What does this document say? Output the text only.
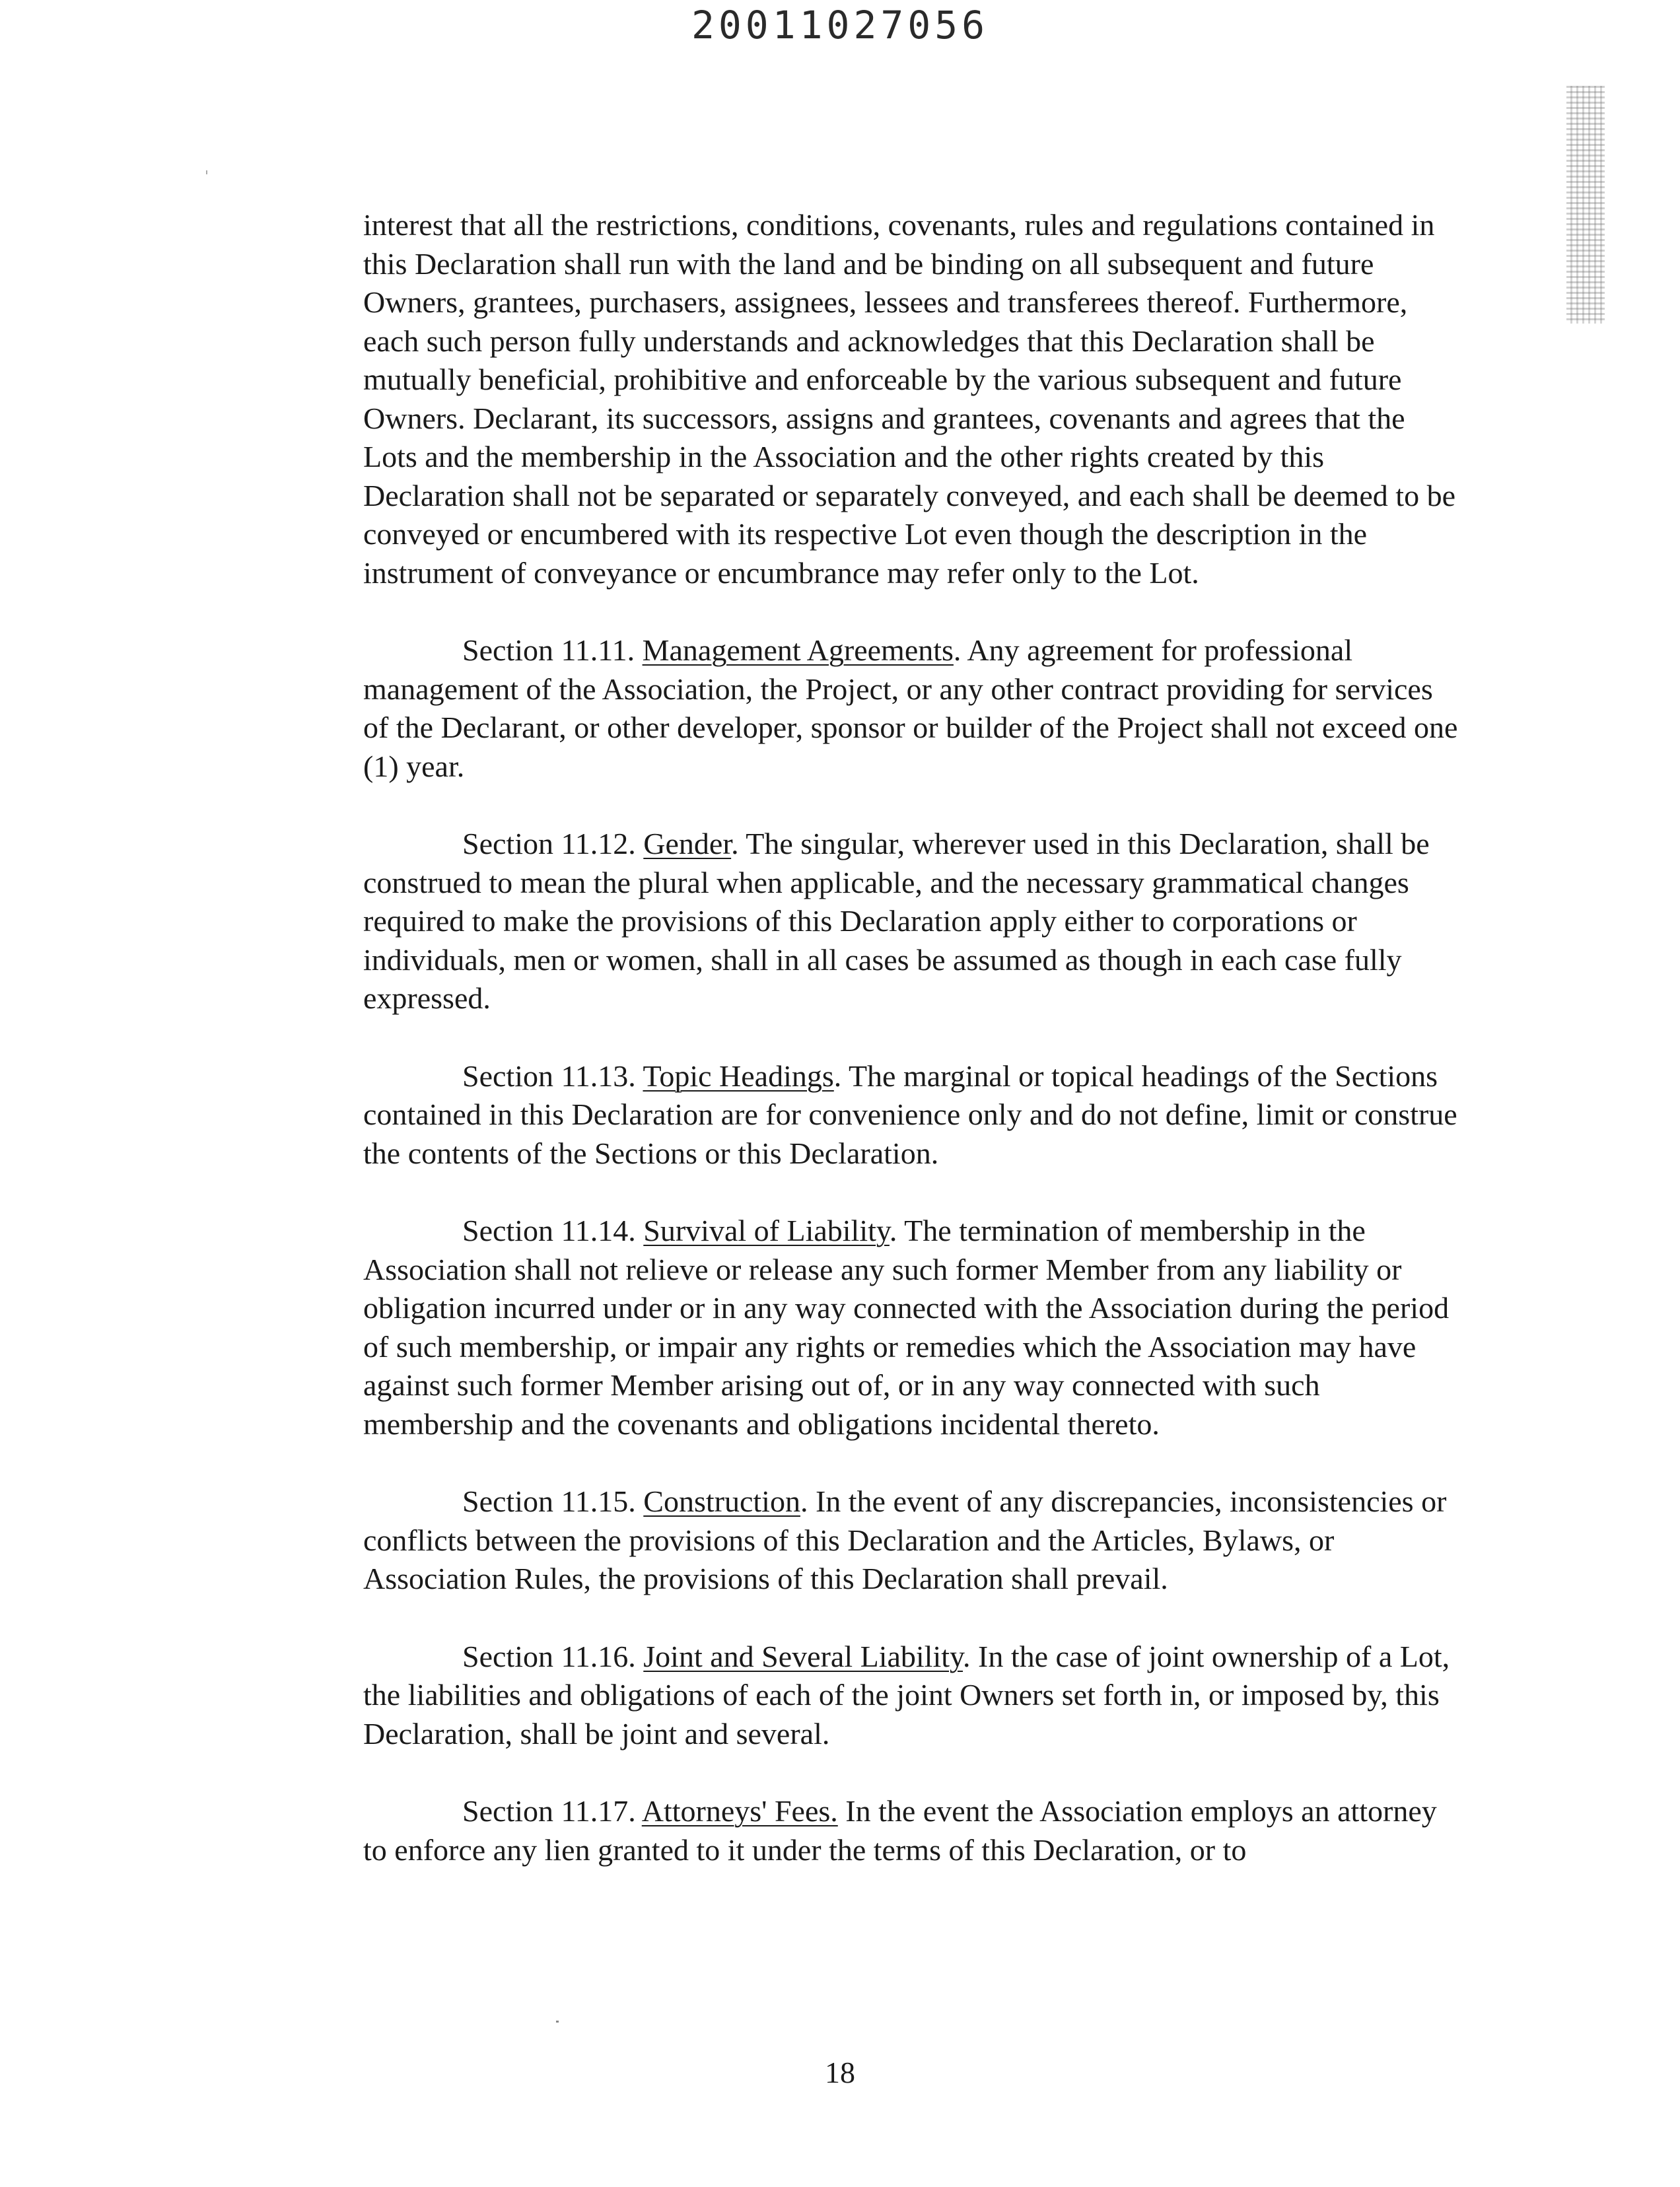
20011027056

interest that all the restrictions, conditions, covenants, rules and regulations contained in this Declaration shall run with the land and be binding on all subsequent and future Owners, grantees, purchasers, assignees, lessees and transferees thereof. Furthermore, each such person fully understands and acknowledges that this Declaration shall be mutually beneficial, prohibitive and enforceable by the various subsequent and future Owners. Declarant, its successors, assigns and grantees, covenants and agrees that the Lots and the membership in the Association and the other rights created by this Declaration shall not be separated or separately conveyed, and each shall be deemed to be conveyed or encumbered with its respective Lot even though the description in the instrument of conveyance or encumbrance may refer only to the Lot.

Section 11.11. Management Agreements. Any agreement for professional management of the Association, the Project, or any other contract providing for services of the Declarant, or other developer, sponsor or builder of the Project shall not exceed one (1) year.

Section 11.12. Gender. The singular, wherever used in this Declaration, shall be construed to mean the plural when applicable, and the necessary grammatical changes required to make the provisions of this Declaration apply either to corporations or individuals, men or women, shall in all cases be assumed as though in each case fully expressed.

Section 11.13. Topic Headings. The marginal or topical headings of the Sections contained in this Declaration are for convenience only and do not define, limit or construe the contents of the Sections or this Declaration.

Section 11.14. Survival of Liability. The termination of membership in the Association shall not relieve or release any such former Member from any liability or obligation incurred under or in any way connected with the Association during the period of such membership, or impair any rights or remedies which the Association may have against such former Member arising out of, or in any way connected with such membership and the covenants and obligations incidental thereto.

Section 11.15. Construction. In the event of any discrepancies, inconsistencies or conflicts between the provisions of this Declaration and the Articles, Bylaws, or Association Rules, the provisions of this Declaration shall prevail.

Section 11.16. Joint and Several Liability. In the case of joint ownership of a Lot, the liabilities and obligations of each of the joint Owners set forth in, or imposed by, this Declaration, shall be joint and several.

Section 11.17. Attorneys' Fees. In the event the Association employs an attorney to enforce any lien granted to it under the terms of this Declaration, or to

18
